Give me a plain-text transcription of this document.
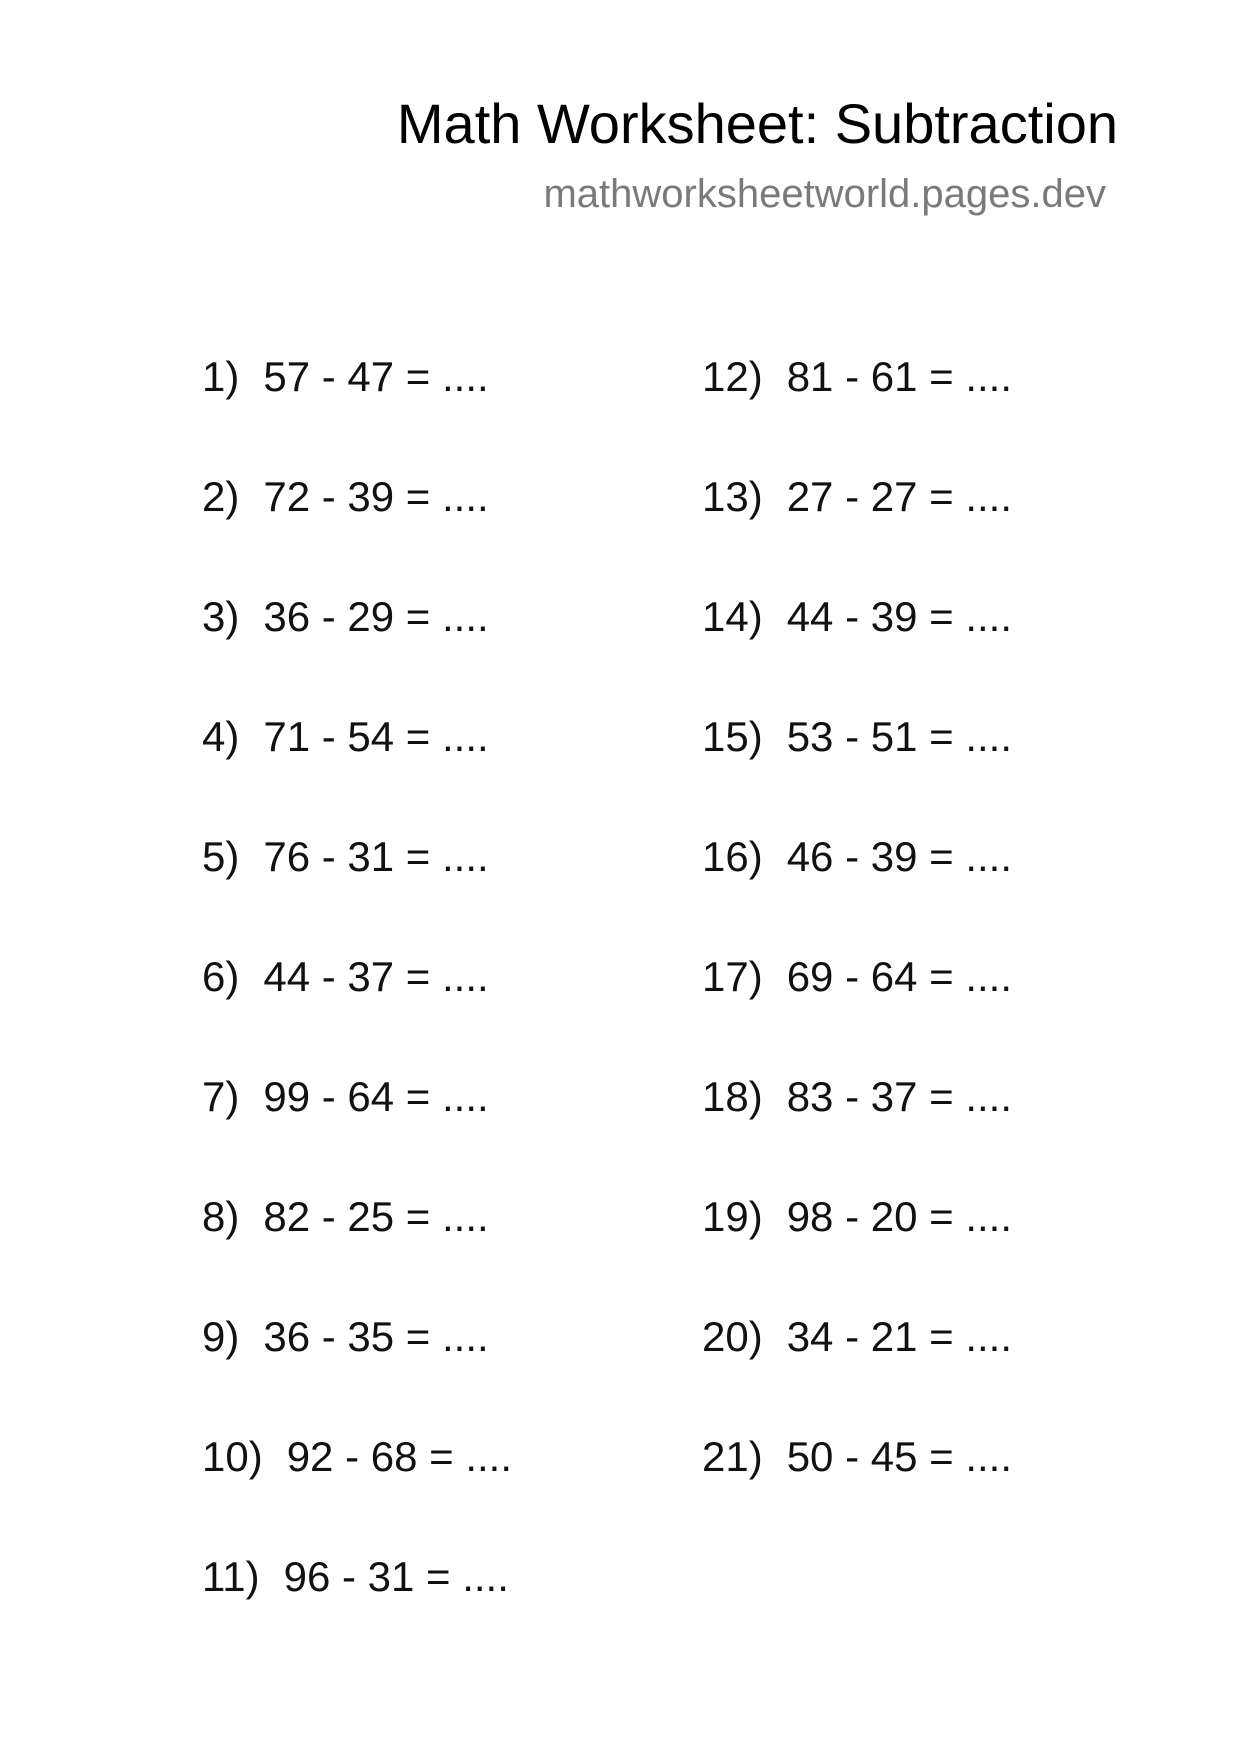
Math Worksheet: Subtraction
mathworksheetworld.pages.dev
1) 57 - 47 = ....
2) 72 - 39 = ....
3) 36 - 29 = ....
4) 71 - 54 = ....
5) 76 - 31 = ....
6) 44 - 37 = ....
7) 99 - 64 = ....
8) 82 - 25 = ....
9) 36 - 35 = ....
10) 92 - 68 = ....
11) 96 - 31 = ....
12) 81 - 61 = ....
13) 27 - 27 = ....
14) 44 - 39 = ....
15) 53 - 51 = ....
16) 46 - 39 = ....
17) 69 - 64 = ....
18) 83 - 37 = ....
19) 98 - 20 = ....
20) 34 - 21 = ....
21) 50 - 45 = ....
